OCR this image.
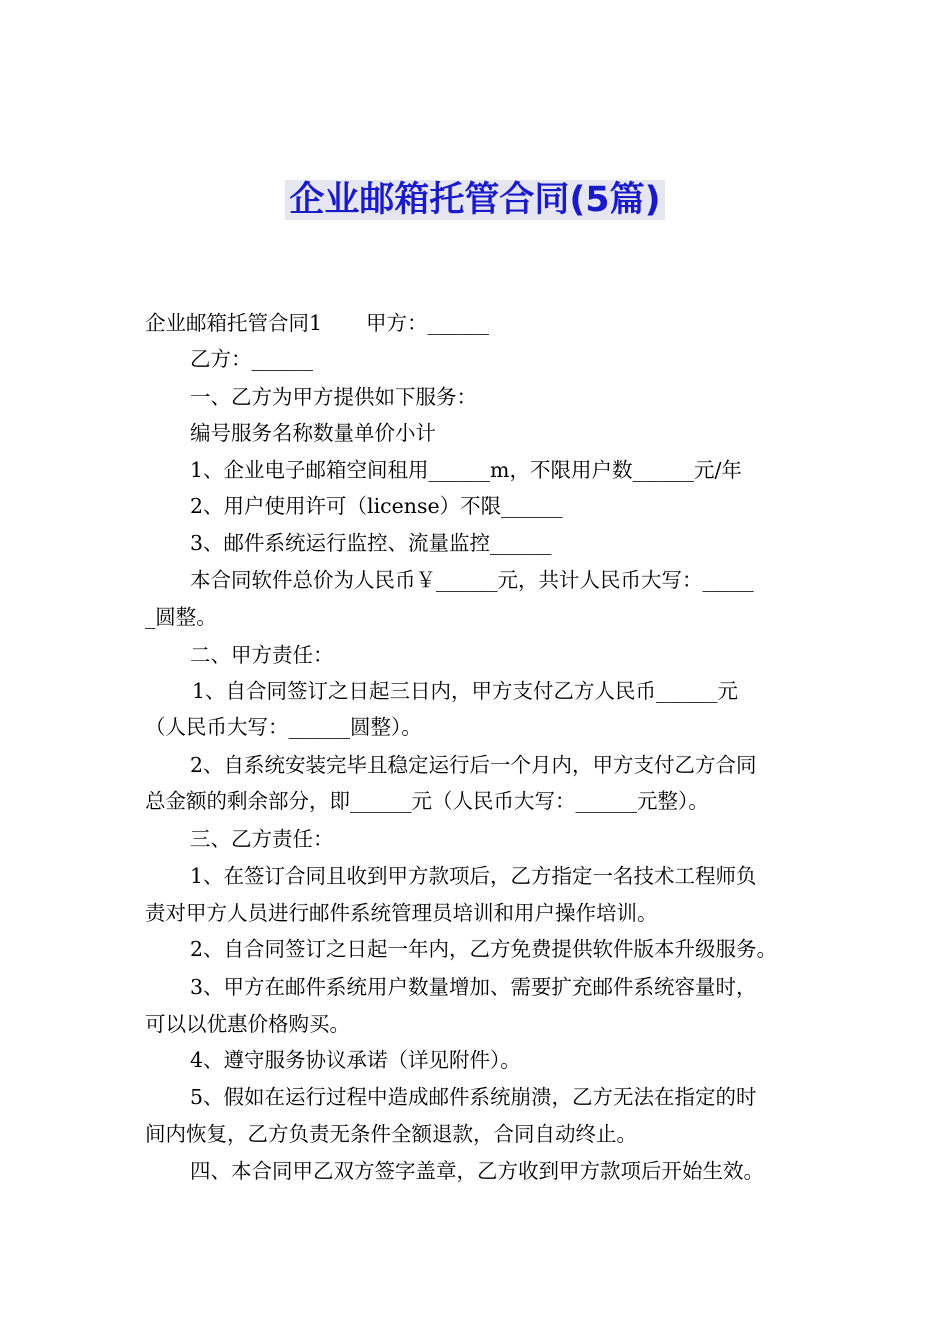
企业邮箱托管合同(5篇)
企业邮箱托管合同1 甲方：______
乙方：______
一、乙方为甲方提供如下服务：
编号服务名称数量单价小计
1、企业电子邮箱空间租用______m，不限用户数______元/年
2、用户使用许可（license）不限______
3、邮件系统运行监控、流量监控______
本合同软件总价为人民币￥______元，共计人民币大写：_____
_圆整。
二、甲方责任：
1、自合同签订之日起三日内，甲方支付乙方人民币______元
（人民币大写：______圆整）。
2、自系统安装完毕且稳定运行后一个月内，甲方支付乙方合同
总金额的剩余部分，即______元（人民币大写：______元整）。
三、乙方责任：
1、在签订合同且收到甲方款项后，乙方指定一名技术工程师负
责对甲方人员进行邮件系统管理员培训和用户操作培训。
2、自合同签订之日起一年内，乙方免费提供软件版本升级服务。
3、甲方在邮件系统用户数量增加、需要扩充邮件系统容量时，
可以以优惠价格购买。
4、遵守服务协议承诺（详见附件）。
5、假如在运行过程中造成邮件系统崩溃，乙方无法在指定的时
间内恢复，乙方负责无条件全额退款，合同自动终止。
四、本合同甲乙双方签字盖章，乙方收到甲方款项后开始生效。
